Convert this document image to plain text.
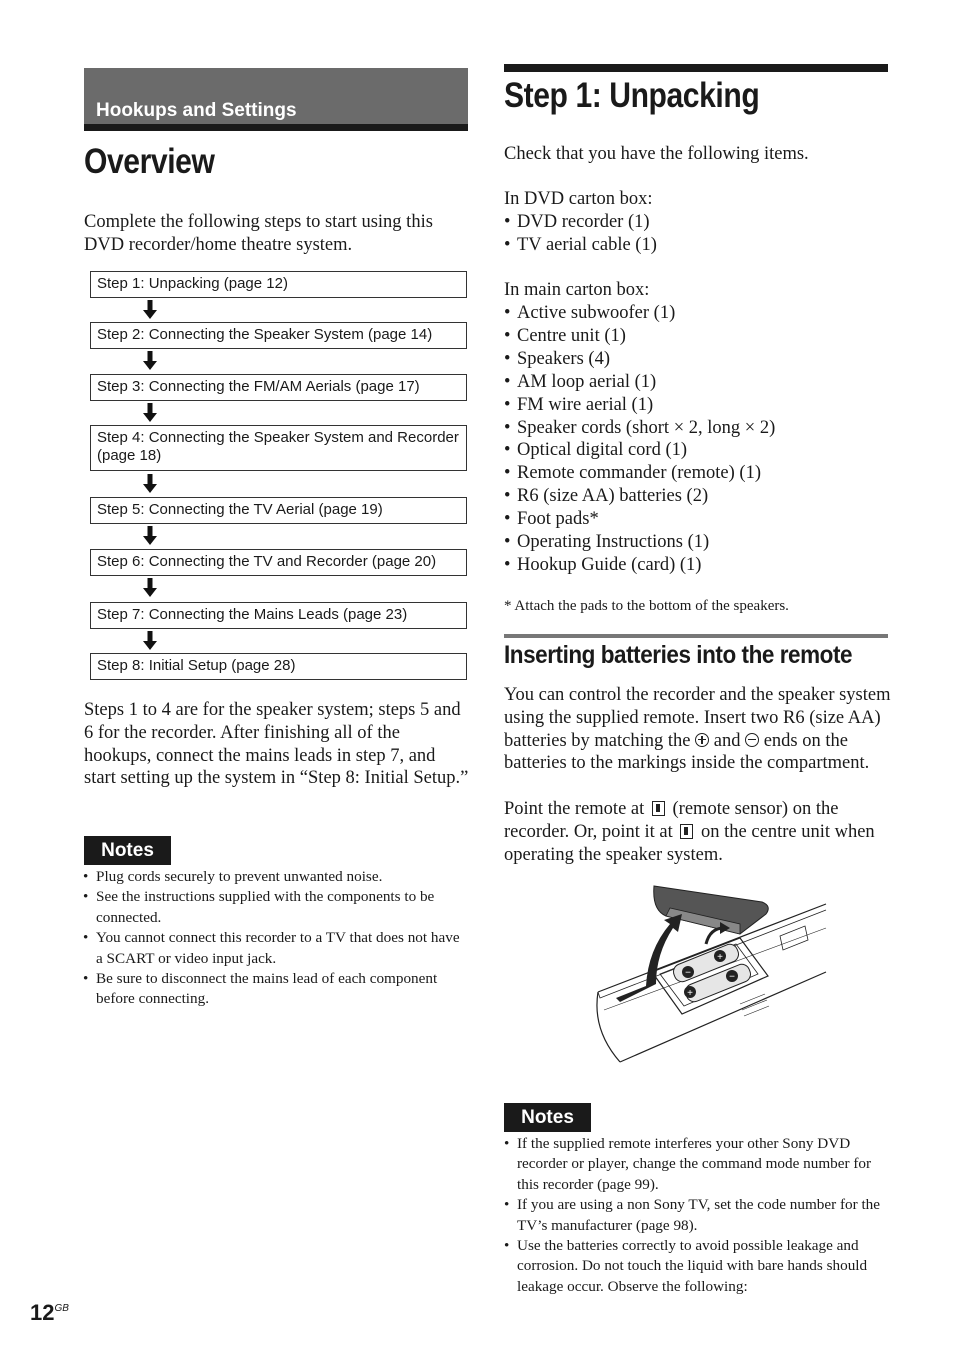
Hookups and Settings
Overview
Complete the following steps to start using this DVD recorder/home theatre system.
Step 1: Unpacking (page 12)
Step 2: Connecting the Speaker System (page 14)
Step 3: Connecting the FM/AM Aerials (page 17)
Step 4: Connecting the Speaker System and Recorder (page 18)
Step 5: Connecting the TV Aerial (page 19)
Step 6: Connecting the TV and Recorder (page 20)
Step 7: Connecting the Mains Leads (page 23)
Step 8: Initial Setup (page 28)
Steps 1 to 4 are for the speaker system; steps 5 and 6 for the recorder. After finishing all of the hookups, connect the mains leads in step 7, and start setting up the system in “Step 8: Initial Setup.”
Notes
• Plug cords securely to prevent unwanted noise.
• See the instructions supplied with the components to be connected.
• You cannot connect this recorder to a TV that does not have a SCART or video input jack.
• Be sure to disconnect the mains lead of each component before connecting.
Step 1: Unpacking
Check that you have the following items.
In DVD carton box:
• DVD recorder (1)
• TV aerial cable (1)
In main carton box:
• Active subwoofer (1)
• Centre unit (1)
• Speakers (4)
• AM loop aerial (1)
• FM wire aerial (1)
• Speaker cords (short × 2, long × 2)
• Optical digital cord (1)
• Remote commander (remote) (1)
• R6 (size AA) batteries (2)
• Foot pads*
• Operating Instructions (1)
• Hookup Guide (card) (1)
* Attach the pads to the bottom of the speakers.
Inserting batteries into the remote
You can control the recorder and the speaker system using the supplied remote. Insert two R6 (size AA) batteries by matching the and ends on the batteries to the markings inside the compartment.
Point the remote at (remote sensor) on the recorder. Or, point it at on the centre unit when operating the speaker system.
−
+
+
−
Notes
• If the supplied remote interferes your other Sony DVD recorder or player, change the command mode number for this recorder (page 99).
• If you are using a non Sony TV, set the code number for the TV’s manufacturer (page 98).
• Use the batteries correctly to avoid possible leakage and corrosion. Do not touch the liquid with bare hands should leakage occur. Observe the following:
$12^{GB}$
